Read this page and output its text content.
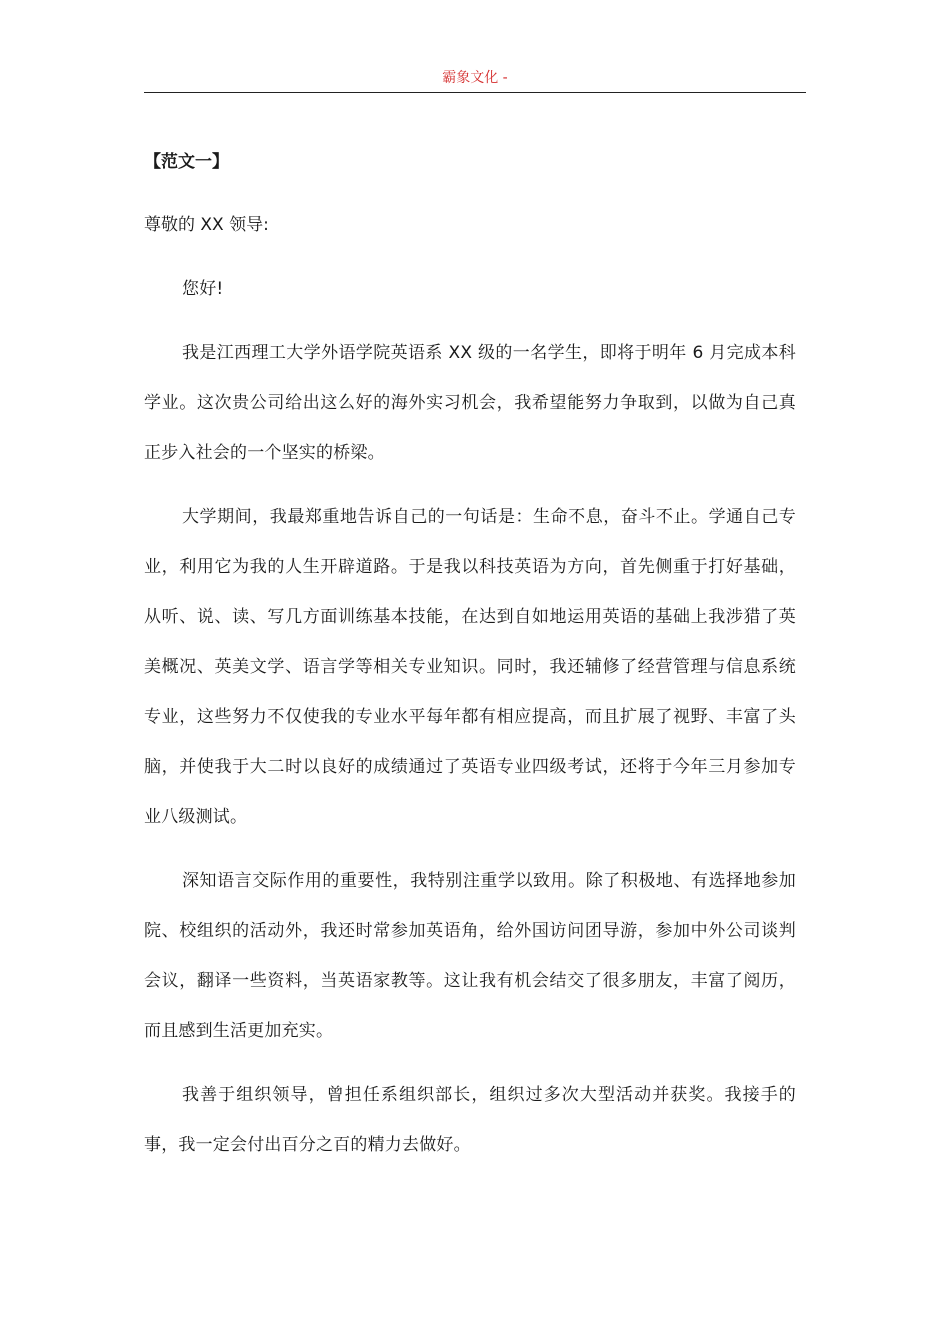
霸象文化 -
【范文一】
尊敬的 XX 领导:

您好!

我是江西理工大学外语学院英语系 XX 级的一名学生，即将于明年 6 月完成本科学业。这次贵公司给出这么好的海外实习机会，我希望能努力争取到，以做为自己真正步入社会的一个坚实的桥梁。

大学期间，我最郑重地告诉自己的一句话是：生命不息，奋斗不止。学通自己专业，利用它为我的人生开辟道路。于是我以科技英语为方向，首先侧重于打好基础，从听、说、读、写几方面训练基本技能，在达到自如地运用英语的基础上我涉猎了英美概况、英美文学、语言学等相关专业知识。同时，我还辅修了经营管理与信息系统专业，这些努力不仅使我的专业水平每年都有相应提高，而且扩展了视野、丰富了头脑，并使我于大二时以良好的成绩通过了英语专业四级考试，还将于今年三月参加专业八级测试。

深知语言交际作用的重要性，我特别注重学以致用。除了积极地、有选择地参加院、校组织的活动外，我还时常参加英语角，给外国访问团导游，参加中外公司谈判会议，翻译一些资料，当英语家教等。这让我有机会结交了很多朋友，丰富了阅历，而且感到生活更加充实。

我善于组织领导，曾担任系组织部长，组织过多次大型活动并获奖。我接手的事，我一定会付出百分之百的精力去做好。
